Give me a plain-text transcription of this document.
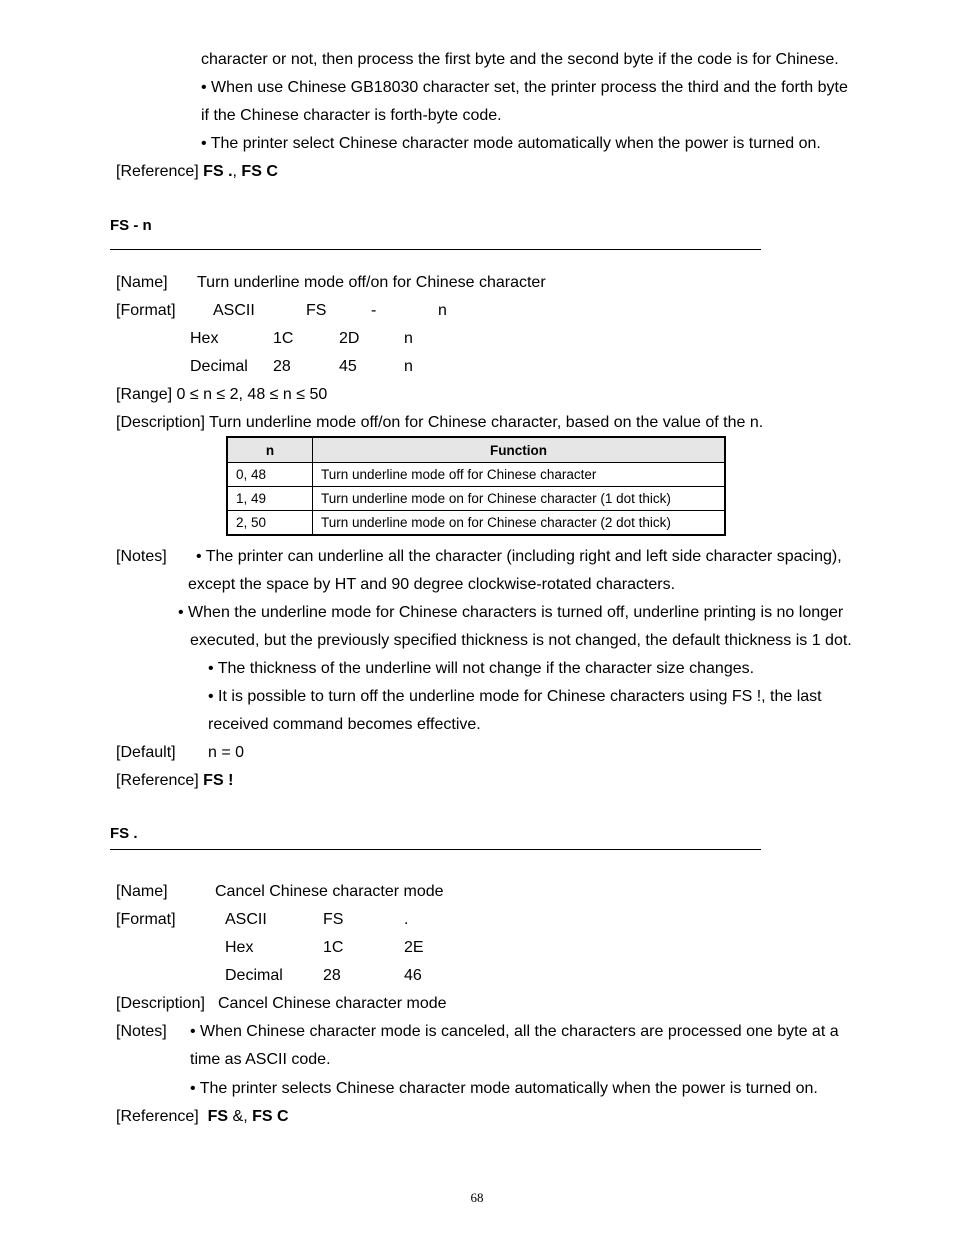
character or not, then process the first byte and the second byte if the code is for Chinese.
• When use Chinese GB18030 character set, the printer process the third and the forth byte
if the Chinese character is forth-byte code.
• The printer select Chinese character mode automatically when the power is turned on.
[Reference] FS ., FS C
FS - n
[Name] Turn underline mode off/on for Chinese character
[Format] ASCII	FS	-	n
Hex	1C	2D	n
Decimal 28	45	n
[Range] 0 ≤ n ≤ 2, 48 ≤ n ≤ 50
[Description] Turn underline mode off/on for Chinese character, based on the value of the n.
n	Function
0, 48	Turn underline mode off for Chinese character
1, 49	Turn underline mode on for Chinese character (1 dot thick)
2, 50	Turn underline mode on for Chinese character (2 dot thick)
[Notes] • The printer can underline all the character (including right and left side character spacing),
except the space by HT and 90 degree clockwise-rotated characters.
• When the underline mode for Chinese characters is turned off, underline printing is no longer
executed, but the previously specified thickness is not changed, the default thickness is 1 dot.
• The thickness of the underline will not change if the character size changes.
• It is possible to turn off the underline mode for Chinese characters using FS !, the last
received command becomes effective.
[Default] n = 0
[Reference] FS !
FS .
[Name]	Cancel Chinese character mode
[Format]	ASCII	FS	.
Hex	1C	2E
Decimal	28	46
[Description] Cancel Chinese character mode
[Notes] • When Chinese character mode is canceled, all the characters are processed one byte at a
time as ASCII code.
• The printer selects Chinese character mode automatically when the power is turned on.
[Reference] FS &, FS C
68
